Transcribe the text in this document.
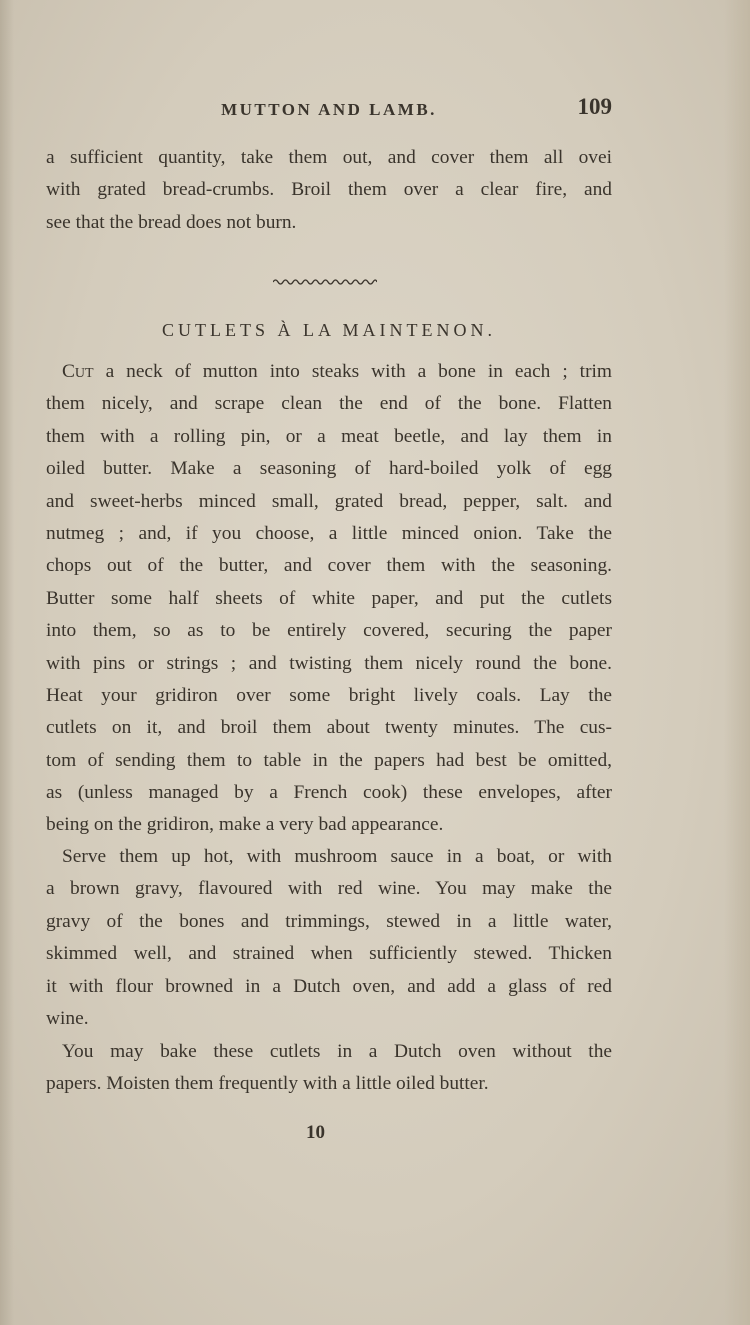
MUTTON AND LAMB.	109
a sufficient quantity, take them out, and cover them all ovei
with grated bread-crumbs. Broil them over a clear fire, and
see that the bread does not burn.
CUTLETS À LA MAINTENON.
Cut a neck of mutton into steaks with a bone in each ; trim
them nicely, and scrape clean the end of the bone. Flatten
them with a rolling pin, or a meat beetle, and lay them in
oiled butter. Make a seasoning of hard-boiled yolk of egg
and sweet-herbs minced small, grated bread, pepper, salt. and
nutmeg ; and, if you choose, a little minced onion. Take the
chops out of the butter, and cover them with the seasoning.
Butter some half sheets of white paper, and put the cutlets
into them, so as to be entirely covered, securing the paper
with pins or strings ; and twisting them nicely round the bone.
Heat your gridiron over some bright lively coals. Lay the
cutlets on it, and broil them about twenty minutes. The cus-
tom of sending them to table in the papers had best be omitted,
as (unless managed by a French cook) these envelopes, after
being on the gridiron, make a very bad appearance.
Serve them up hot, with mushroom sauce in a boat, or with
a brown gravy, flavoured with red wine. You may make the
gravy of the bones and trimmings, stewed in a little water,
skimmed well, and strained when sufficiently stewed. Thicken
it with flour browned in a Dutch oven, and add a glass of red
wine.
You may bake these cutlets in a Dutch oven without the
papers. Moisten them frequently with a little oiled butter.
10
